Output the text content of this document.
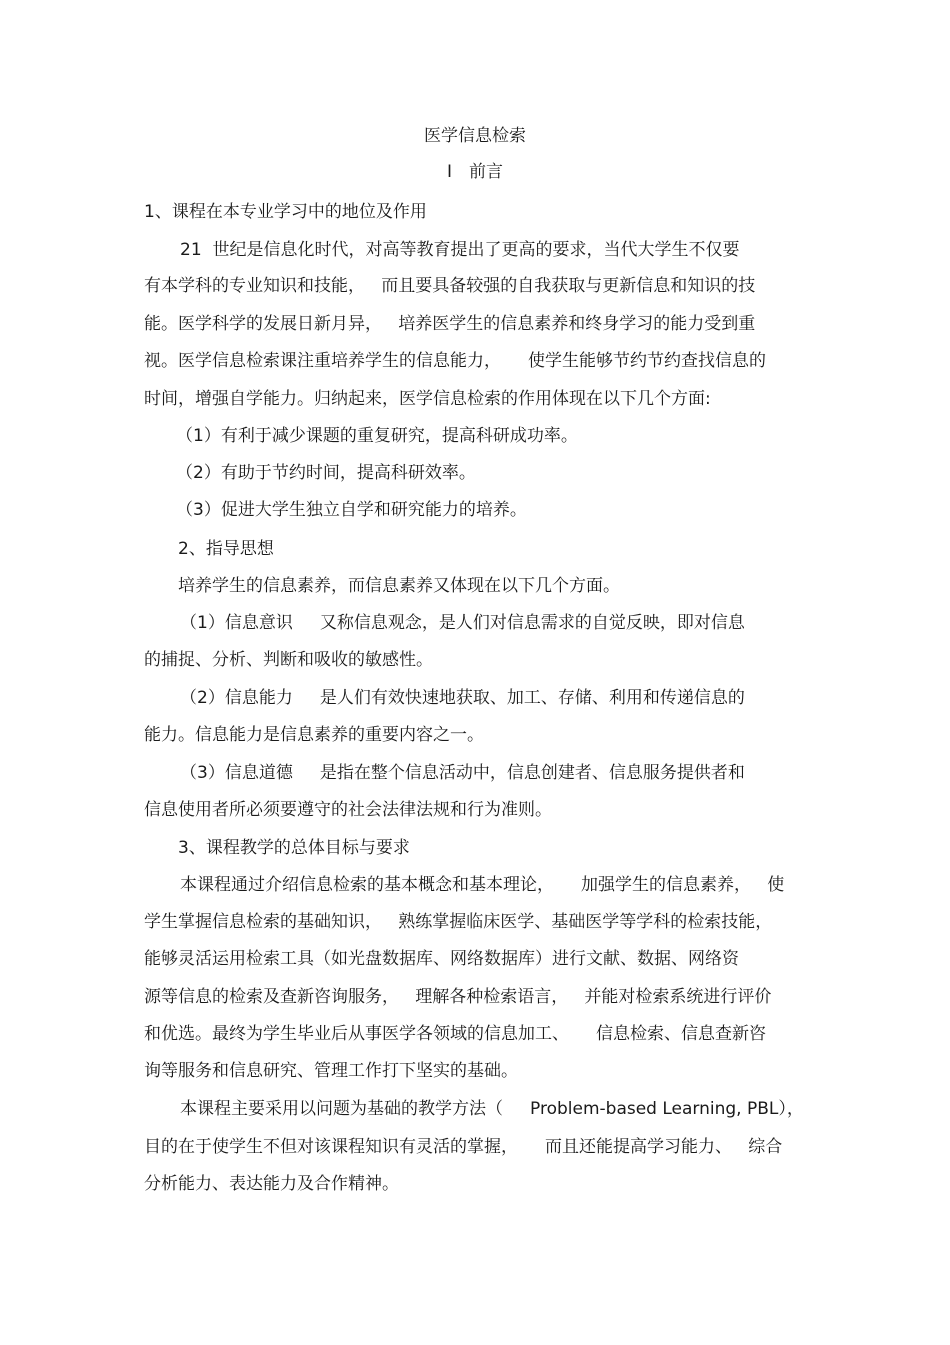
医学信息检索

Ⅰ　前言

1、课程在本专业学习中的地位及作用

21  世纪是信息化时代，对高等教育提出了更高的要求，当代大学生不仅要

有本学科的专业知识和技能，   而且要具备较强的自我获取与更新信息和知识的技

能。医学科学的发展日新月异，   培养医学生的信息素养和终身学习的能力受到重

视。医学信息检索课注重培养学生的信息能力，     使学生能够节约节约查找信息的

时间，增强自学能力。归纳起来，医学信息检索的作用体现在以下几个方面:

（1）有利于减少课题的重复研究，提高科研成功率。

（2）有助于节约时间，提高科研效率。

（3）促进大学生独立自学和研究能力的培养。

2、指导思想

培养学生的信息素养，而信息素养又体现在以下几个方面。

（1）信息意识     又称信息观念，是人们对信息需求的自觉反映，即对信息

的捕捉、分析、判断和吸收的敏感性。

（2）信息能力     是人们有效快速地获取、加工、存储、利用和传递信息的

能力。信息能力是信息素养的重要内容之一。

（3）信息道德     是指在整个信息活动中，信息创建者、信息服务提供者和

信息使用者所必须要遵守的社会法律法规和行为准则。

3、课程教学的总体目标与要求

本课程通过介绍信息检索的基本概念和基本理论，     加强学生的信息素养，   使

学生掌握信息检索的基础知识，   熟练掌握临床医学、基础医学等学科的检索技能，

能够灵活运用检索工具（如光盘数据库、网络数据库）进行文献、数据、网络资

源等信息的检索及查新咨询服务，   理解各种检索语言，   并能对检索系统进行评价

和优选。最终为学生毕业后从事医学各领域的信息加工、     信息检索、信息查新咨

询等服务和信息研究、管理工作打下坚实的基础。

本课程主要采用以问题为基础的教学方法（     Problem-based Learning, PBL），

目的在于使学生不但对该课程知识有灵活的掌握，     而且还能提高学习能力、   综合

分析能力、表达能力及合作精神。
